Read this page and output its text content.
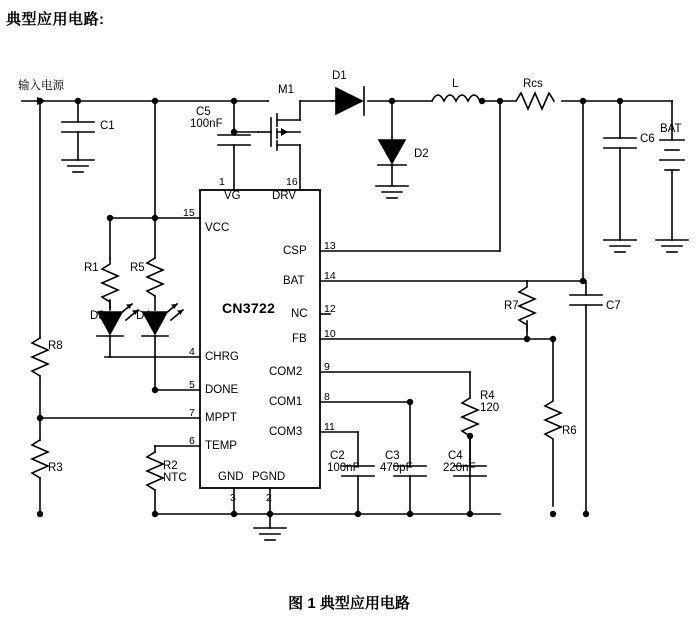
典型应用电路:
输入电源
C1
C5
100nF
M1
D1
D2
L	Rcs
C6
BAT
C7
R1	R5
D3	D4
R8
R3	R2
NTC
R7
R6
R4
120
C2
100nF
C3
470pF
C4
220nF
CN3722
1	16
15
4
5
7
6
13
14
12
10
9
8
11
3	2
VG	DRV
VCC
CHRG
DONE
MPPT
TEMP
CSP
BAT
NC
FB
COM2
COM1
COM3
GND PGND
图 1 典型应用电路
